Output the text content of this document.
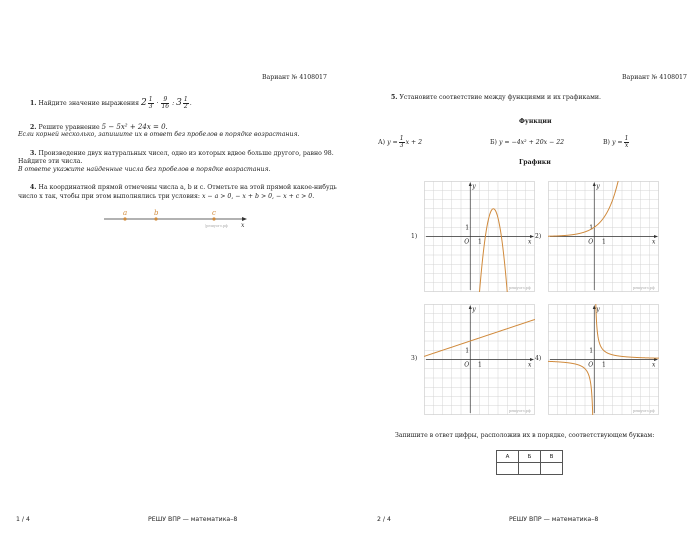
Вариант № 4108017
1. Найдите значение выражения $2 \frac{1}{3} \cdot \frac{9}{16}$ : $3 \frac{1}{2}$ .
2. Решите уравнение 5 − 5x² + 24x = 0.
Если корней несколько, запишите их в ответ без пробелов в порядке возрастания.
3. Произведение двух натуральных чисел, одно из которых вдвое больше другого, равно 98.
Найдите эти числа.
В ответе укажите найденные числа без пробелов в порядке возрастания.
4. На координатной прямой отмечены числа a, b и c. Отметьте на этой прямой какое-нибудь
число x так, чтобы при этом выполнялись три условия: x − a > 0, − x + b > 0, − x + c > 0.
a	b	c
x
|решуогэ.рф
1 / 4	РЕШУ ВПР — математика–8
Вариант № 4108017
5. Установите соответствие между функциями и их графиками.
Функции
А) $y = \frac{1}{3}$ x + 2	Б) y = −4x² + 20x − 22	В) $y = \frac{1}{x}$
Графики
1)	2)
3)	4)
x
y
O 1
1
решуогэ.рф
x
y
O 1
1
решуогэ.рф
x
y
O 1
1
решуогэ.рф
x
y
O 1
1
решуогэ.рф
Запишите в ответ цифры, расположив их в порядке, соответствующем буквам:
А	Б	В

2 / 4	РЕШУ ВПР — математика–8
